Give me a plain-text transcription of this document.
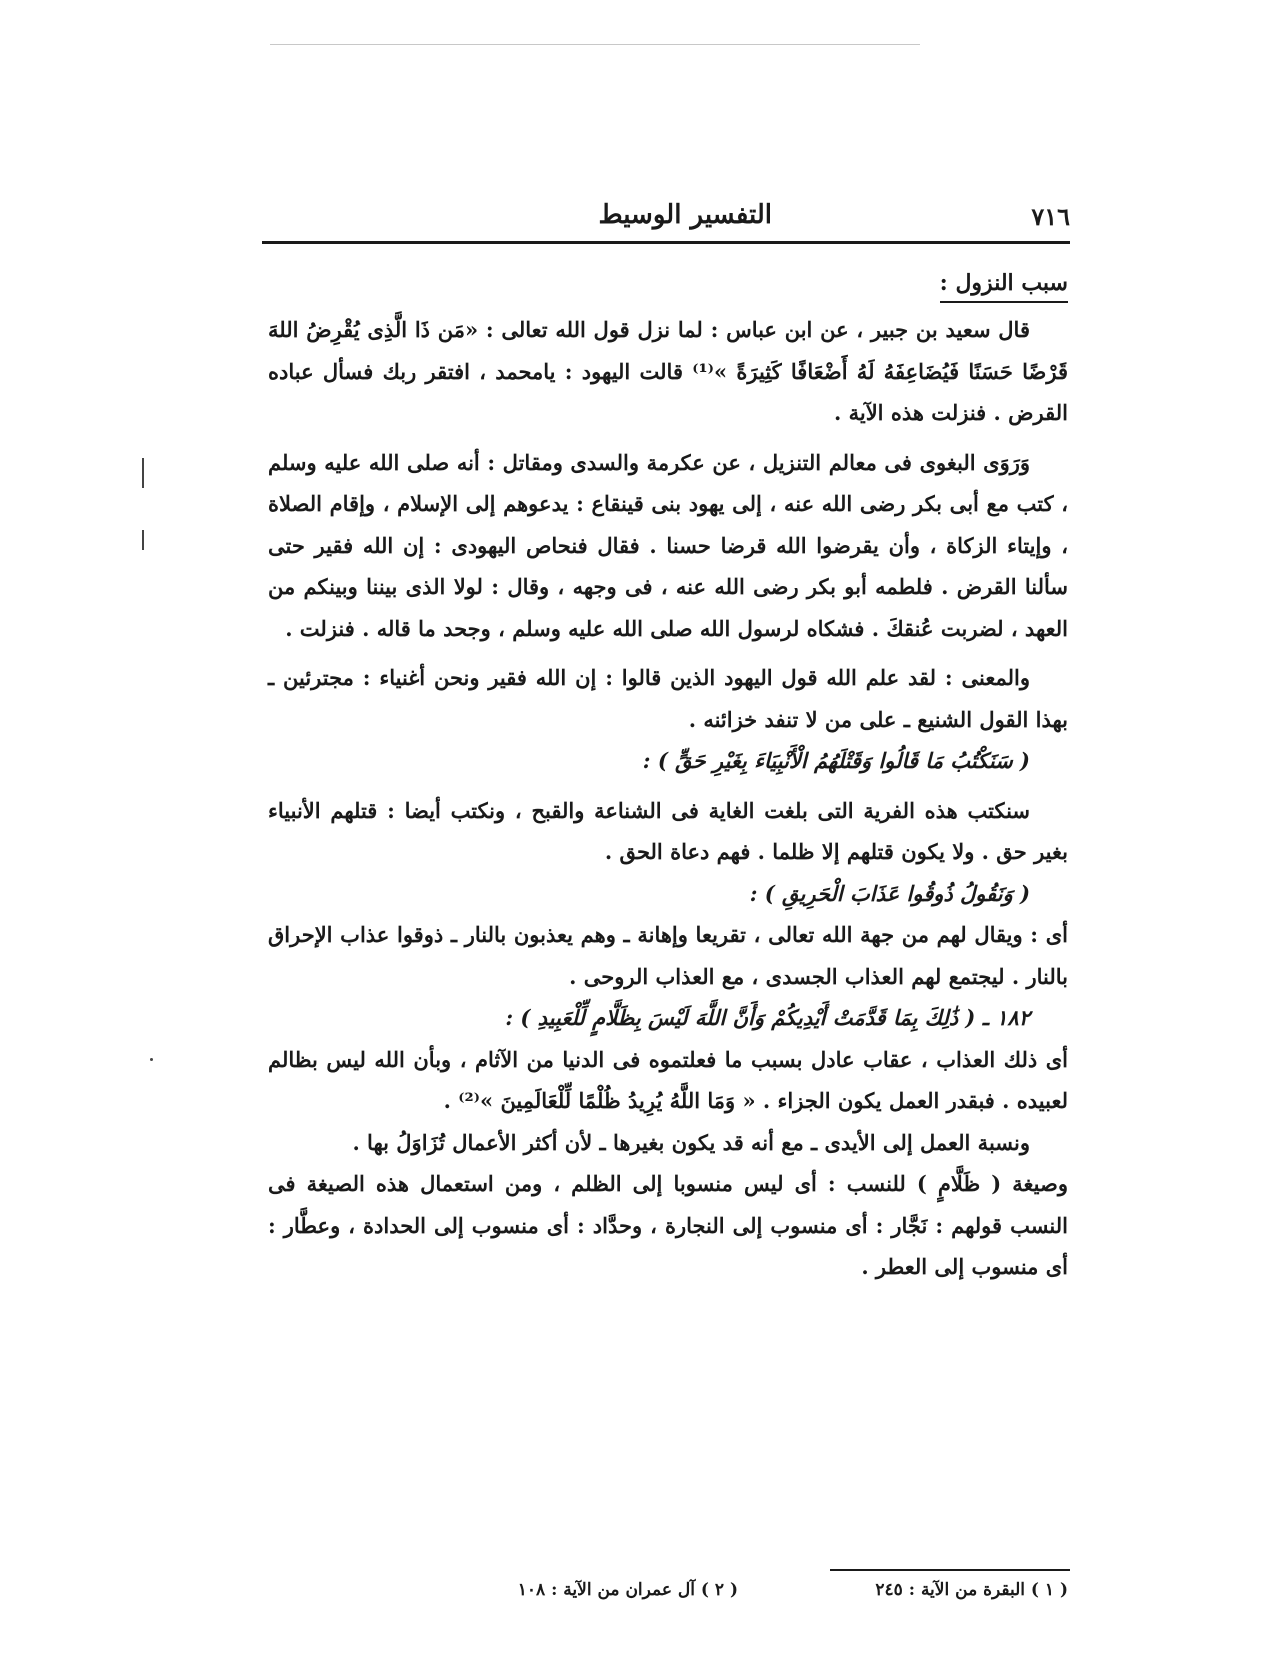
٧١٦
التفسير الوسيط
سبب النزول :

قال سعيد بن جبير ، عن ابن عباس : لما نزل قول الله تعالى : «مَن ذَا الَّذِى يُقْرِضُ اللهَ قَرْضًا حَسَنًا فَيُضَاعِفَهُ لَهُ أَضْعَافًا كَثِيرَةً »⁽¹⁾ قالت اليهود : يامحمد ، افتقر ربك فسأل عباده القرض . فنزلت هذه الآية .

وَرَوَى البغوى فى معالم التنزيل ، عن عكرمة والسدى ومقاتل : أنه صلى الله عليه وسلم ، كتب مع أبى بكر رضى الله عنه ، إلى يهود بنى قينقاع : يدعوهم إلى الإسلام ، وإقام الصلاة ، وإيتاء الزكاة ، وأن يقرضوا الله قرضا حسنا . فقال فنحاص اليهودى : إن الله فقير حتى سألنا القرض . فلطمه أبو بكر رضى الله عنه ، فى وجهه ، وقال : لولا الذى بيننا وبينكم من العهد ، لضربت عُنقكَ . فشكاه لرسول الله صلى الله عليه وسلم ، وجحد ما قاله . فنزلت .

والمعنى : لقد علم الله قول اليهود الذين قالوا : إن الله فقير ونحن أغنياء : مجترئين ـ بهذا القول الشنيع ـ على من لا تنفد خزائنه .

( سَنَكْتُبُ مَا قَالُوا وَقَتْلَهُمُ الْأَنْبِيَاءَ بِغَيْرِ حَقٍّ ) :

سنكتب هذه الفرية التى بلغت الغاية فى الشناعة والقبح ، ونكتب أيضا : قتلهم الأنبياء بغير حق . ولا يكون قتلهم إلا ظلما . فهم دعاة الحق .

( وَنَقُولُ ذُوقُوا عَذَابَ الْحَرِيقِ ) :

أى : ويقال لهم من جهة الله تعالى ، تقريعا وإهانة ـ وهم يعذبون بالنار ـ ذوقوا عذاب الإحراق بالنار . ليجتمع لهم العذاب الجسدى ، مع العذاب الروحى .

١٨٢ ـ ( ذَٰلِكَ بِمَا قَدَّمَتْ أَيْدِيكُمْ وَأَنَّ اللَّهَ لَيْسَ بِظَلَّامٍ لِّلْعَبِيدِ ) :

أى ذلك العذاب ، عقاب عادل بسبب ما فعلتموه فى الدنيا من الآثام ، وبأن الله ليس بظالم لعبيده . فبقدر العمل يكون الجزاء . « وَمَا اللَّهُ يُرِيدُ ظُلْمًا لِّلْعَالَمِينَ »⁽²⁾ .

ونسبة العمل إلى الأيدى ـ مع أنه قد يكون بغيرها ـ لأن أكثر الأعمال تُزَاوَلُ بها .

وصيغة ( ظَلَّامٍ ) للنسب : أى ليس منسوبا إلى الظلم ، ومن استعمال هذه الصيغة فى النسب قولهم : نَجَّار : أى منسوب إلى النجارة ، وحدَّاد : أى منسوب إلى الحدادة ، وعطَّار : أى منسوب إلى العطر .

( ١ ) البقرة من الآية : ٢٤٥
( ٢ ) آل عمران من الآية : ١٠٨
